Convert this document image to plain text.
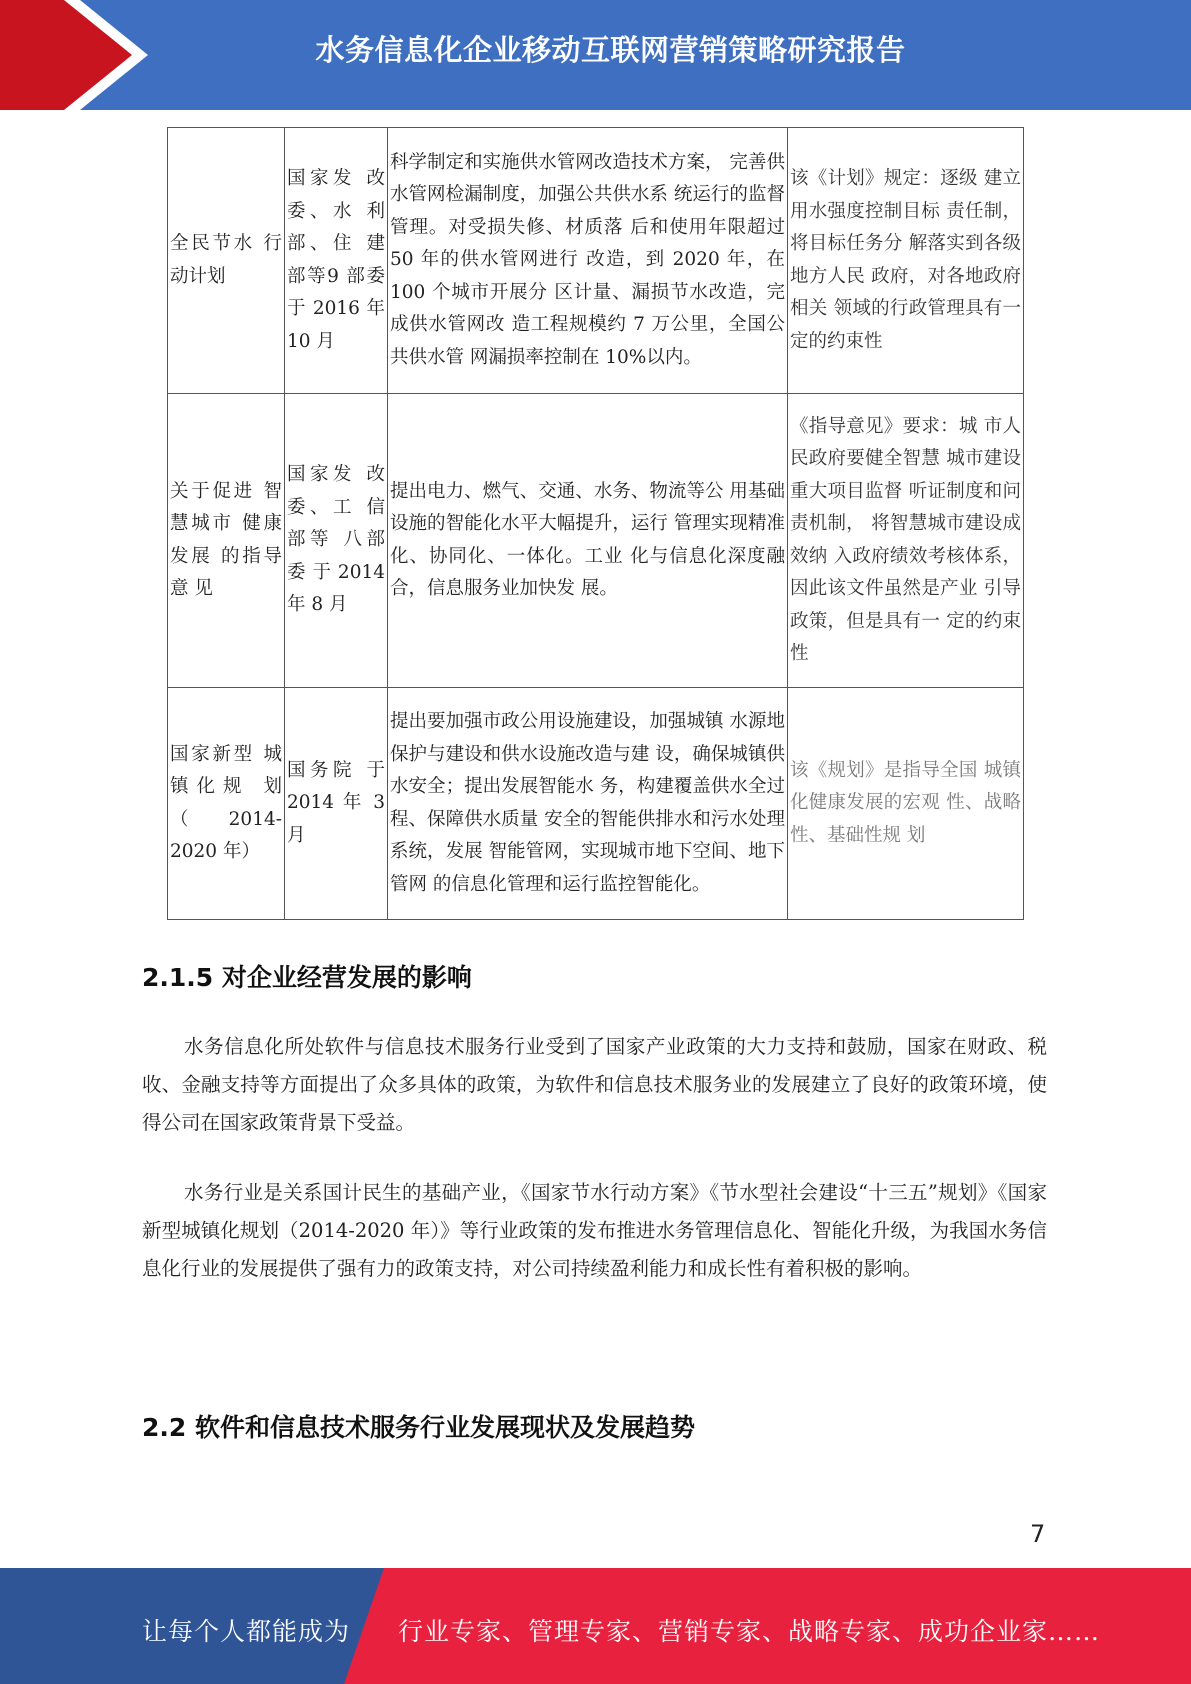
水务信息化企业移动互联网营销策略研究报告
全民节水 行动计划	国家发 改委、水 利部、住 建部等9 部委于 2016 年10 月	科学制定和实施供水管网改造技术方案， 完善供水管网检漏制度，加强公共供水系 统运行的监督管理。对受损失修、材质落 后和使用年限超过 50 年的供水管网进行 改造，到 2020 年，在 100 个城市开展分 区计量、漏损节水改造，完成供水管网改 造工程规模约 7 万公里，全国公共供水管 网漏损率控制在 10%以内。	该《计划》规定：逐级 建立用水强度控制目标 责任制，将目标任务分 解落实到各级地方人民 政府，对各地政府相关 领域的行政管理具有一 定的约束性
关于促进 智慧城市 健康发展 的指导意 见	国家发 改委、工 信部等 八部委 于 2014 年 8 月	提出电力、燃气、交通、水务、物流等公 用基础设施的智能化水平大幅提升，运行 管理实现精准化、协同化、一体化。工业 化与信息化深度融合，信息服务业加快发 展。	《指导意见》要求：城 市人民政府要健全智慧 城市建设重大项目监督 听证制度和问责机制， 将智慧城市建设成效纳 入政府绩效考核体系， 因此该文件虽然是产业 引导政策，但是具有一 定的约束性
国家新型 城镇化规 划 （2014-2020 年）	国务院 于 2014 年 3 月	提出要加强市政公用设施建设，加强城镇 水源地保护与建设和供水设施改造与建 设，确保城镇供水安全；提出发展智能水 务，构建覆盖供水全过程、保障供水质量 安全的智能供排水和污水处理系统，发展 智能管网，实现城市地下空间、地下管网 的信息化管理和运行监控智能化。	该《规划》是指导全国 城镇化健康发展的宏观 性、战略性、基础性规 划
2.1.5 对企业经营发展的影响

水务信息化所处软件与信息技术服务行业受到了国家产业政策的大力支持和鼓励，国家在财政、税收、金融支持等方面提出了众多具体的政策，为软件和信息技术服务业的发展建立了良好的政策环境，使得公司在国家政策背景下受益。

水务行业是关系国计民生的基础产业，《国家节水行动方案》《节水型社会建设“十三五”规划》《国家新型城镇化规划（2014-2020 年）》等行业政策的发布推进水务管理信息化、智能化升级，为我国水务信息化行业的发展提供了强有力的政策支持，对公司持续盈利能力和成长性有着积极的影响。

2.2 软件和信息技术服务行业发展现状及发展趋势
7
让每个人都能成为 行业专家、管理专家、营销专家、战略专家、成功企业家……
